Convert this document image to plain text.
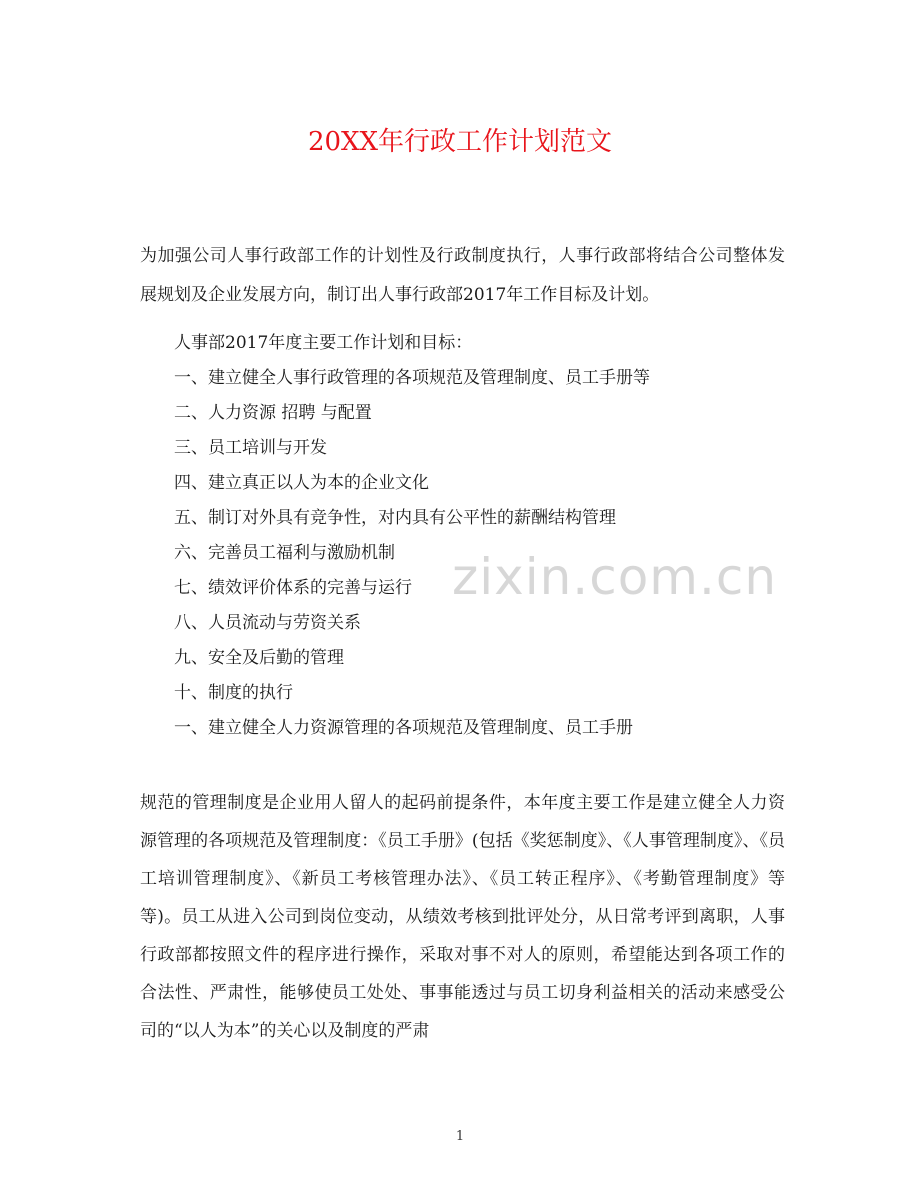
20XX年行政工作计划范文

为加强公司人事行政部工作的计划性及行政制度执行，人事行政部将结合公司整体发展规划及企业发展方向，制订出人事行政部2017年工作目标及计划。

人事部2017年度主要工作计划和目标：
一、建立健全人事行政管理的各项规范及管理制度、员工手册等
二、人力资源 招聘 与配置
三、员工培训与开发
四、建立真正以人为本的企业文化
五、制订对外具有竞争性，对内具有公平性的薪酬结构管理
六、完善员工福利与激励机制
七、绩效评价体系的完善与运行
八、人员流动与劳资关系
九、安全及后勤的管理
十、制度的执行
一、建立健全人力资源管理的各项规范及管理制度、员工手册

规范的管理制度是企业用人留人的起码前提条件，本年度主要工作是建立健全人力资源管理的各项规范及管理制度：《员工手册》(包括《奖惩制度》、《人事管理制度》、《员工培训管理制度》、《新员工考核管理办法》、《员工转正程序》、《考勤管理制度》等等)。员工从进入公司到岗位变动，从绩效考核到批评处分，从日常考评到离职，人事行政部都按照文件的程序进行操作，采取对事不对人的原则，希望能达到各项工作的合法性、严肃性，能够使员工处处、事事能透过与员工切身利益相关的活动来感受公司的“以人为本”的关心以及制度的严肃

zixin.com.cn
1
